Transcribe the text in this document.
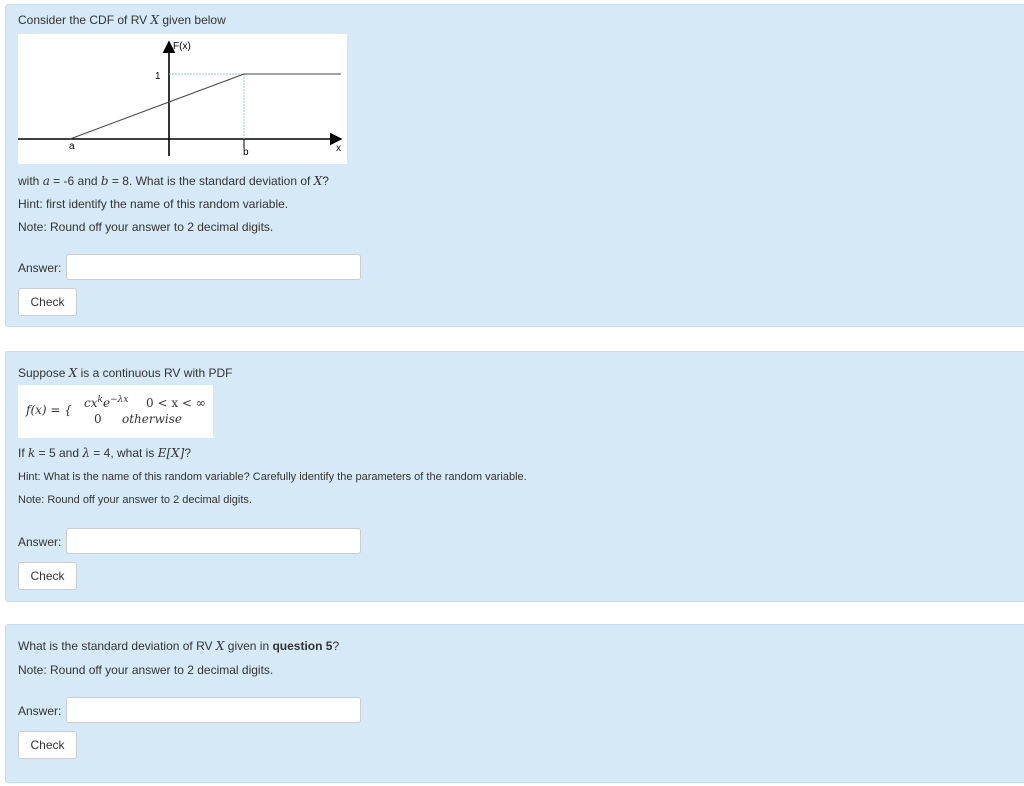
Consider the CDF of RV X given below
F(x)
1
a
b	x
with a = -6 and b = 8. What is the standard deviation of X?
Hint: first identify the name of this random variable.
Note: Round off your answer to 2 decimal digits.
Answer:
Check
Suppose X is a continuous RV with PDF
f(x) = { $cx^ke^{-\lambda x}$ 0 < x < ∞
0 otherwise
If k = 5 and λ = 4, what is E[X]?
Hint: What is the name of this random variable? Carefully identify the parameters of the random variable.
Note: Round off your answer to 2 decimal digits.
Answer:
Check
What is the standard deviation of RV X given in question 5?
Note: Round off your answer to 2 decimal digits.
Answer:
Check
